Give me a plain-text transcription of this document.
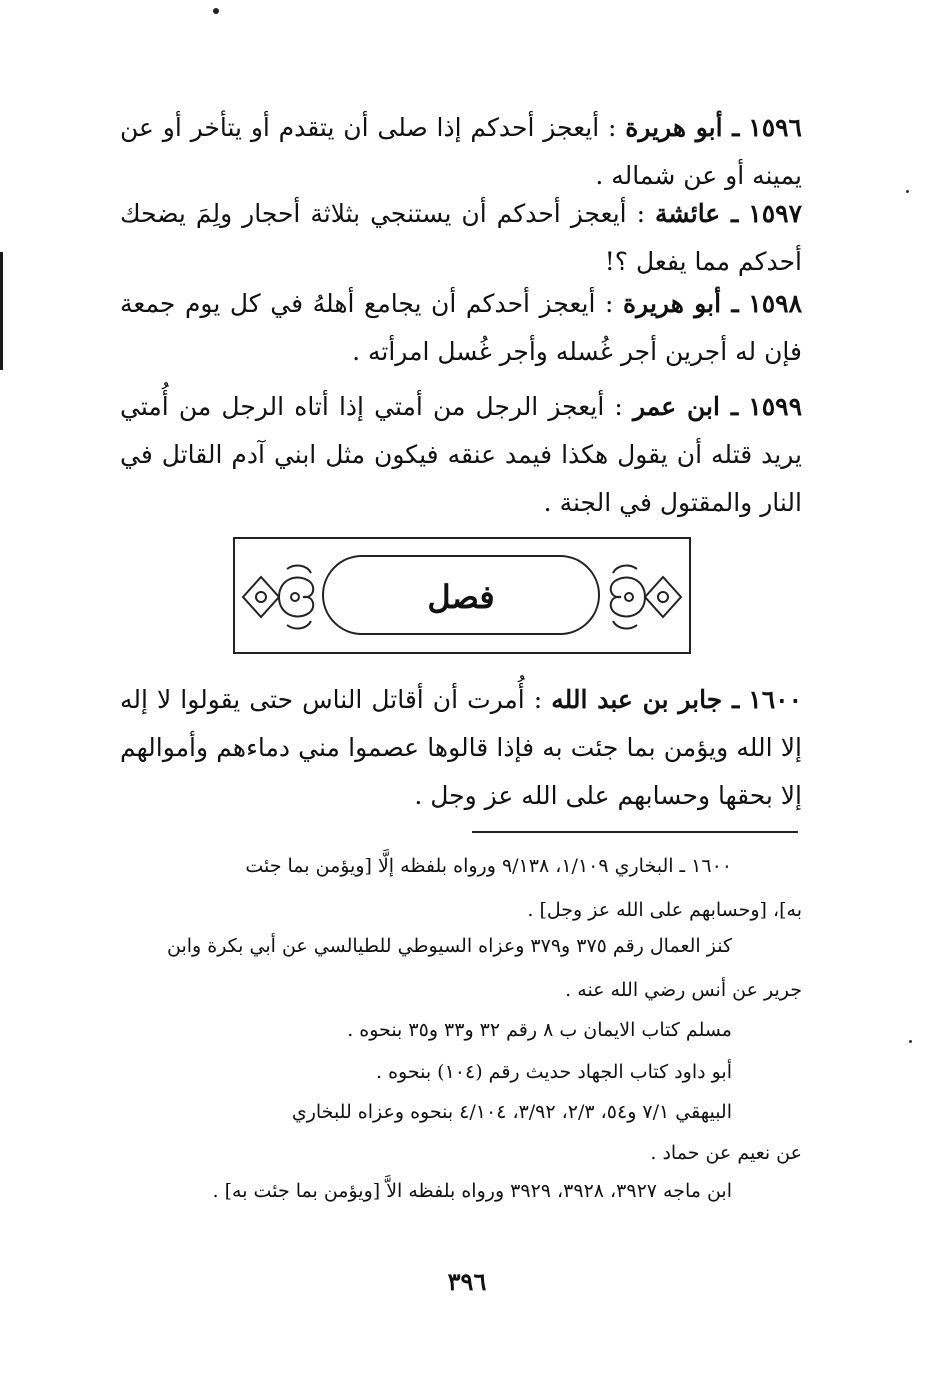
١٥٩٦ ـ أبو هريرة : أيعجز أحدكم إذا صلى أن يتقدم أو يتأخر أو عن يمينه أو عن شماله .
١٥٩٧ ـ عائشة : أيعجز أحدكم أن يستنجي بثلاثة أحجار ولِمَ يضحك أحدكم مما يفعل ؟!
١٥٩٨ ـ أبو هريرة : أيعجز أحدكم أن يجامع أهلهُ في كل يوم جمعة فإن له أجرين أجر غُسله وأجر غُسل امرأته .
١٥٩٩ ـ ابن عمر : أيعجز الرجل من أمتي إذا أتاه الرجل من أُمتي يريد قتله أن يقول هكذا فيمد عنقه فيكون مثل ابني آدم القاتل في النار والمقتول في الجنة .
فصل
١٦٠٠ ـ جابر بن عبد الله : أُمرت أن أقاتل الناس حتى يقولوا لا إله إلا الله ويؤمن بما جئت به فإذا قالوها عصموا مني دماءهم وأموالهم إلا بحقها وحسابهم على الله عز وجل .
١٦٠٠ ـ البخاري ١/١٠٩، ٩/١٣٨ ورواه بلفظه إلَّا [ويؤمن بما جئت
به]، [وحسابهم على الله عز وجل] .
كنز العمال رقم ٣٧٥ و٣٧٩ وعزاه السيوطي للطيالسي عن أبي بكرة وابن
جرير عن أنس رضي الله عنه .
مسلم كتاب الايمان ب ٨ رقم ٣٢ و٣٣ و٣٥ بنحوه .
أبو داود كتاب الجهاد حديث رقم (١٠٤) بنحوه .
البيهقي ٧/١ و٥٤، ٢/٣، ٣/٩٢، ٤/١٠٤ بنحوه وعزاه للبخاري
عن نعيم عن حماد .
ابن ماجه ٣٩٢٧، ٣٩٢٨، ٣٩٢٩ ورواه بلفظه الاَّ [ويؤمن بما جئت به] .
٣٩٦
